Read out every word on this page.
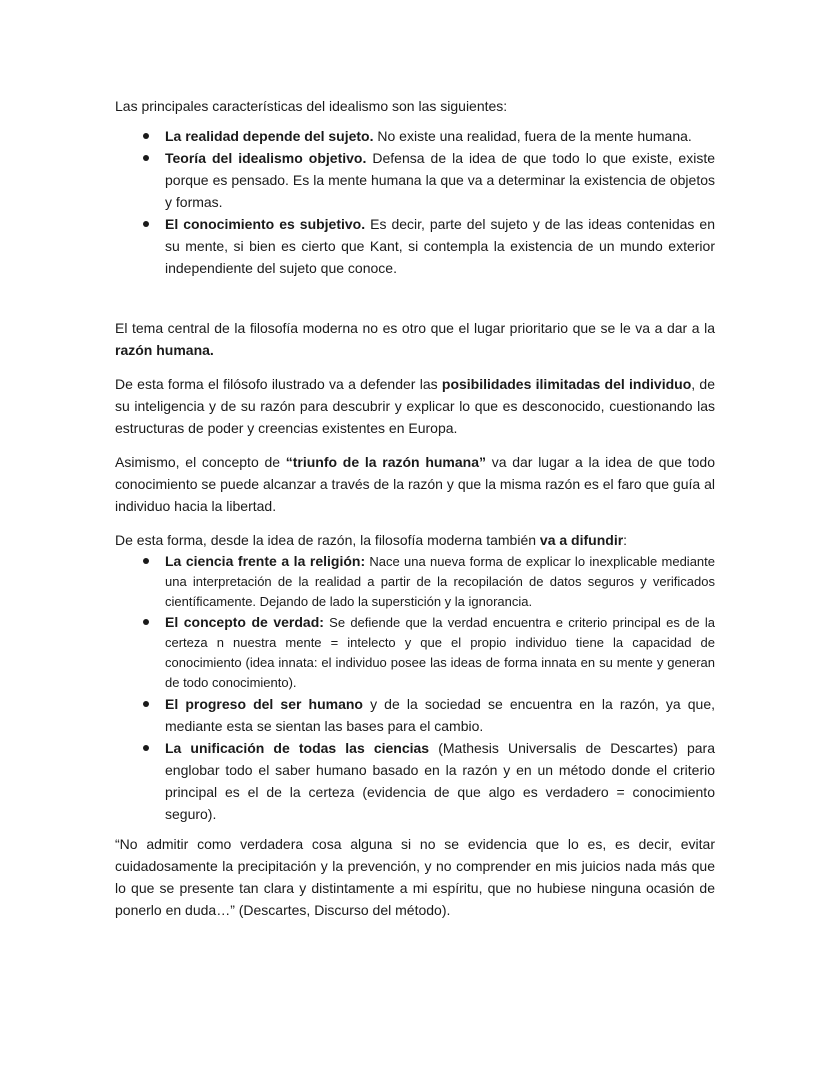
Las principales características del idealismo son las siguientes:

La realidad depende del sujeto. No existe una realidad, fuera de la mente humana.
Teoría del idealismo objetivo. Defensa de la idea de que todo lo que existe, existe porque es pensado. Es la mente humana la que va a determinar la existencia de objetos y formas.
El conocimiento es subjetivo. Es decir, parte del sujeto y de las ideas contenidas en su mente, si bien es cierto que Kant, si contempla la existencia de un mundo exterior independiente del sujeto que conoce.

El tema central de la filosofía moderna no es otro que el lugar prioritario que se le va a dar a la razón humana.

De esta forma el filósofo ilustrado va a defender las posibilidades ilimitadas del individuo, de su inteligencia y de su razón para descubrir y explicar lo que es desconocido, cuestionando las estructuras de poder y creencias existentes en Europa.

Asimismo, el concepto de “triunfo de la razón humana” va dar lugar a la idea de que todo conocimiento se puede alcanzar a través de la razón y que la misma razón es el faro que guía al individuo hacia la libertad.

De esta forma, desde la idea de razón, la filosofía moderna también va a difundir:

La ciencia frente a la religión: Nace una nueva forma de explicar lo inexplicable mediante una interpretación de la realidad a partir de la recopilación de datos seguros y verificados científicamente. Dejando de lado la superstición y la ignorancia.
El concepto de verdad: Se defiende que la verdad encuentra e criterio principal es de la certeza n nuestra mente = intelecto y que el propio individuo tiene la capacidad de conocimiento (idea innata: el individuo posee las ideas de forma innata en su mente y generan de todo conocimiento).
El progreso del ser humano y de la sociedad se encuentra en la razón, ya que, mediante esta se sientan las bases para el cambio.
La unificación de todas las ciencias (Mathesis Universalis de Descartes) para englobar todo el saber humano basado en la razón y en un método donde el criterio principal es el de la certeza (evidencia de que algo es verdadero = conocimiento seguro).

“No admitir como verdadera cosa alguna si no se evidencia que lo es, es decir, evitar cuidadosamente la precipitación y la prevención, y no comprender en mis juicios nada más que lo que se presente tan clara y distintamente a mi espíritu, que no hubiese ninguna ocasión de ponerlo en duda…” (Descartes, Discurso del método).
